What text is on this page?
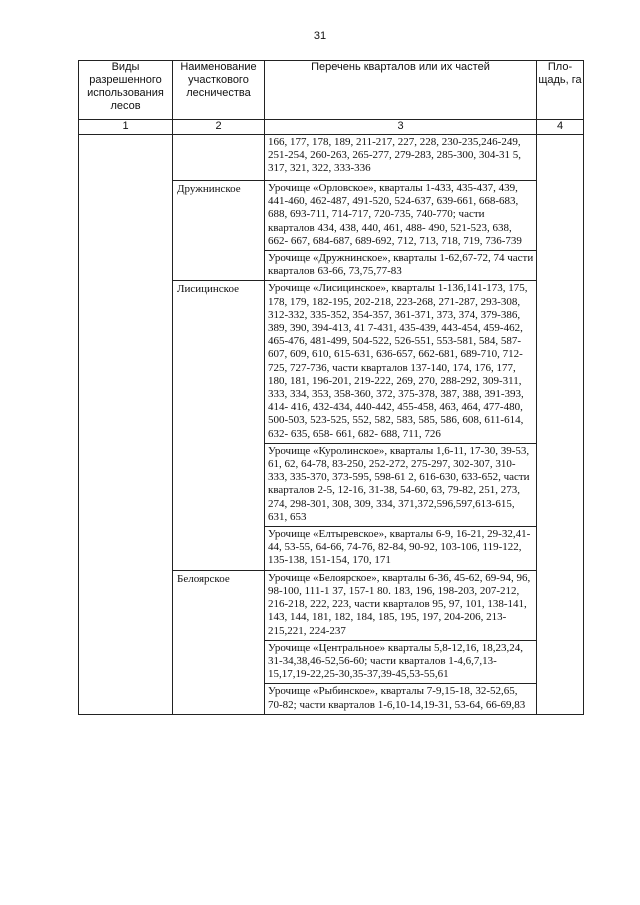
31
Виды разрешенного использования лесов	Наименование участкового лесничества	Перечень кварталов или их частей	Пло-щадь, га
1	2	3	4
		166, 177, 178, 189, 211-217, 227, 228, 230-235,246-249, 251-254, 260-263, 265-277, 279-283, 285-300, 304-31 5, 317, 321, 322, 333-336	
	Дружнинское	Урочище «Орловское», кварталы 1-433, 435-437, 439, 441-460, 462-487, 491-520, 524-637, 639-661, 668-683, 688, 693-711, 714-717, 720-735, 740-770; части кварталов 434, 438, 440, 461, 488- 490, 521-523, 638, 662- 667, 684-687, 689-692, 712, 713, 718, 719, 736-739	
		Урочище «Дружнинское», кварталы 1-62,67-72, 74 части кварталов 63-66, 73,75,77-83	
	Лисицинское	Урочище «Лисицинское», кварталы 1-136,141-173, 175, 178, 179, 182-195, 202-218, 223-268, 271-287, 293-308, 312-332, 335-352, 354-357, 361-371, 373, 374, 379-386, 389, 390, 394-413, 41 7-431, 435-439, 443-454, 459-462, 465-476, 481-499, 504-522, 526-551, 553-581, 584, 587-607, 609, 610, 615-631, 636-657, 662-681, 689-710, 712-725, 727-736, части кварталов 137-140, 174, 176, 177, 180, 181, 196-201, 219-222, 269, 270, 288-292, 309-311, 333, 334, 353, 358-360, 372, 375-378, 387, 388, 391-393, 414- 416, 432-434, 440-442, 455-458, 463, 464, 477-480, 500-503, 523-525, 552, 582, 583, 585, 586, 608, 611-614, 632- 635, 658- 661, 682- 688, 711, 726	
		Урочище «Куролинское», кварталы 1,6-11, 17-30, 39-53, 61, 62, 64-78, 83-250, 252-272, 275-297, 302-307, 310-333, 335-370, 373-595, 598-61 2, 616-630, 633-652, части кварталов 2-5, 12-16, 31-38, 54-60, 63, 79-82, 251, 273, 274, 298-301, 308, 309, 334, 371,372,596,597,613-615, 631, 653	
		Урочище «Елтыревское», кварталы 6-9, 16-21, 29-32,41-44, 53-55, 64-66, 74-76, 82-84, 90-92, 103-106, 119-122, 135-138, 151-154, 170, 171	
	Белоярское	Урочище «Белоярское», кварталы 6-36, 45-62, 69-94, 96, 98-100, 111-1 37, 157-1 80. 183, 196, 198-203, 207-212, 216-218, 222, 223, части кварталов 95, 97, 101, 138-141, 143, 144, 181, 182, 184, 185, 195, 197, 204-206, 213-215,221, 224-237	
		Урочище «Центральное» кварталы 5,8-12,16, 18,23,24, 31-34,38,46-52,56-60; части кварталов 1-4,6,7,13-15,17,19-22,25-30,35-37,39-45,53-55,61	
		Урочище «Рыбинское», кварталы 7-9,15-18, 32-52,65, 70-82; части кварталов 1-6,10-14,19-31, 53-64, 66-69,83	
